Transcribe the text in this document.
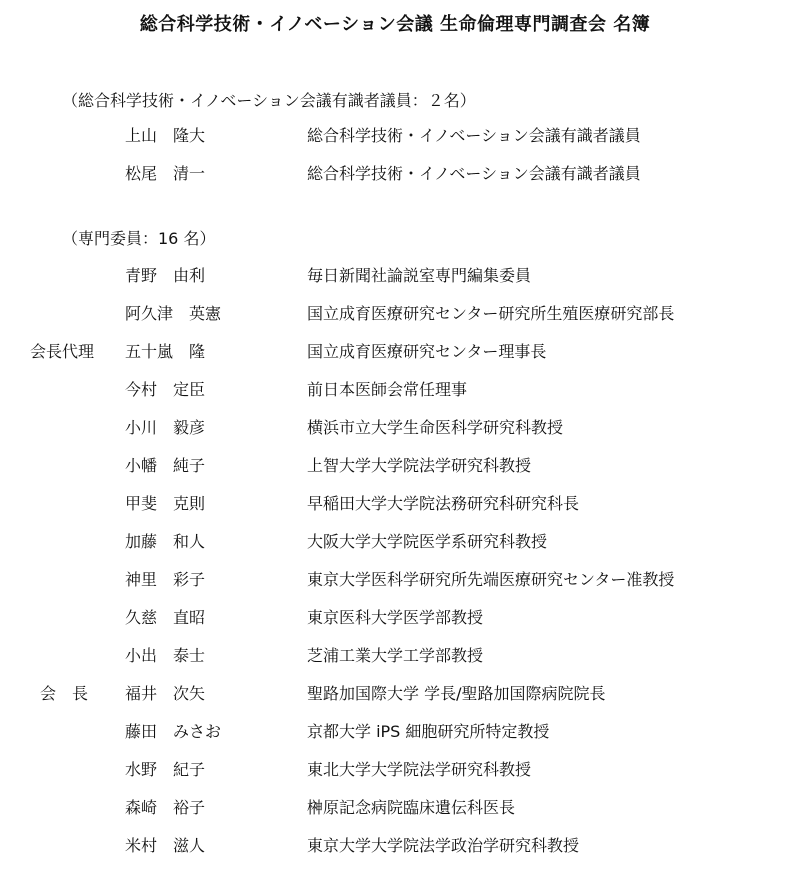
総合科学技術・イノベーション会議 生命倫理専門調査会 名簿
（総合科学技術・イノベーション会議有識者議員：２名）
上山 隆大	総合科学技術・イノベーション会議有識者議員
松尾 清一	総合科学技術・イノベーション会議有識者議員
（専門委員：16 名）
青野 由利	毎日新聞社論説室専門編集委員
阿久津 英憲	国立成育医療研究センター研究所生殖医療研究部長
会長代理	五十嵐 隆	国立成育医療研究センター理事長
今村 定臣	前日本医師会常任理事
小川 毅彦	横浜市立大学生命医科学研究科教授
小幡 純子	上智大学大学院法学研究科教授
甲斐 克則	早稲田大学大学院法務研究科研究科長
加藤 和人	大阪大学大学院医学系研究科教授
神里 彩子	東京大学医科学研究所先端医療研究センター准教授
久慈 直昭	東京医科大学医学部教授
小出 泰士	芝浦工業大学工学部教授
会長	福井 次矢	聖路加国際大学 学長/聖路加国際病院院長
藤田 みさお	京都大学 iPS 細胞研究所特定教授
水野 紀子	東北大学大学院法学研究科教授
森崎 裕子	榊原記念病院臨床遺伝科医長
米村 滋人	東京大学大学院法学政治学研究科教授
